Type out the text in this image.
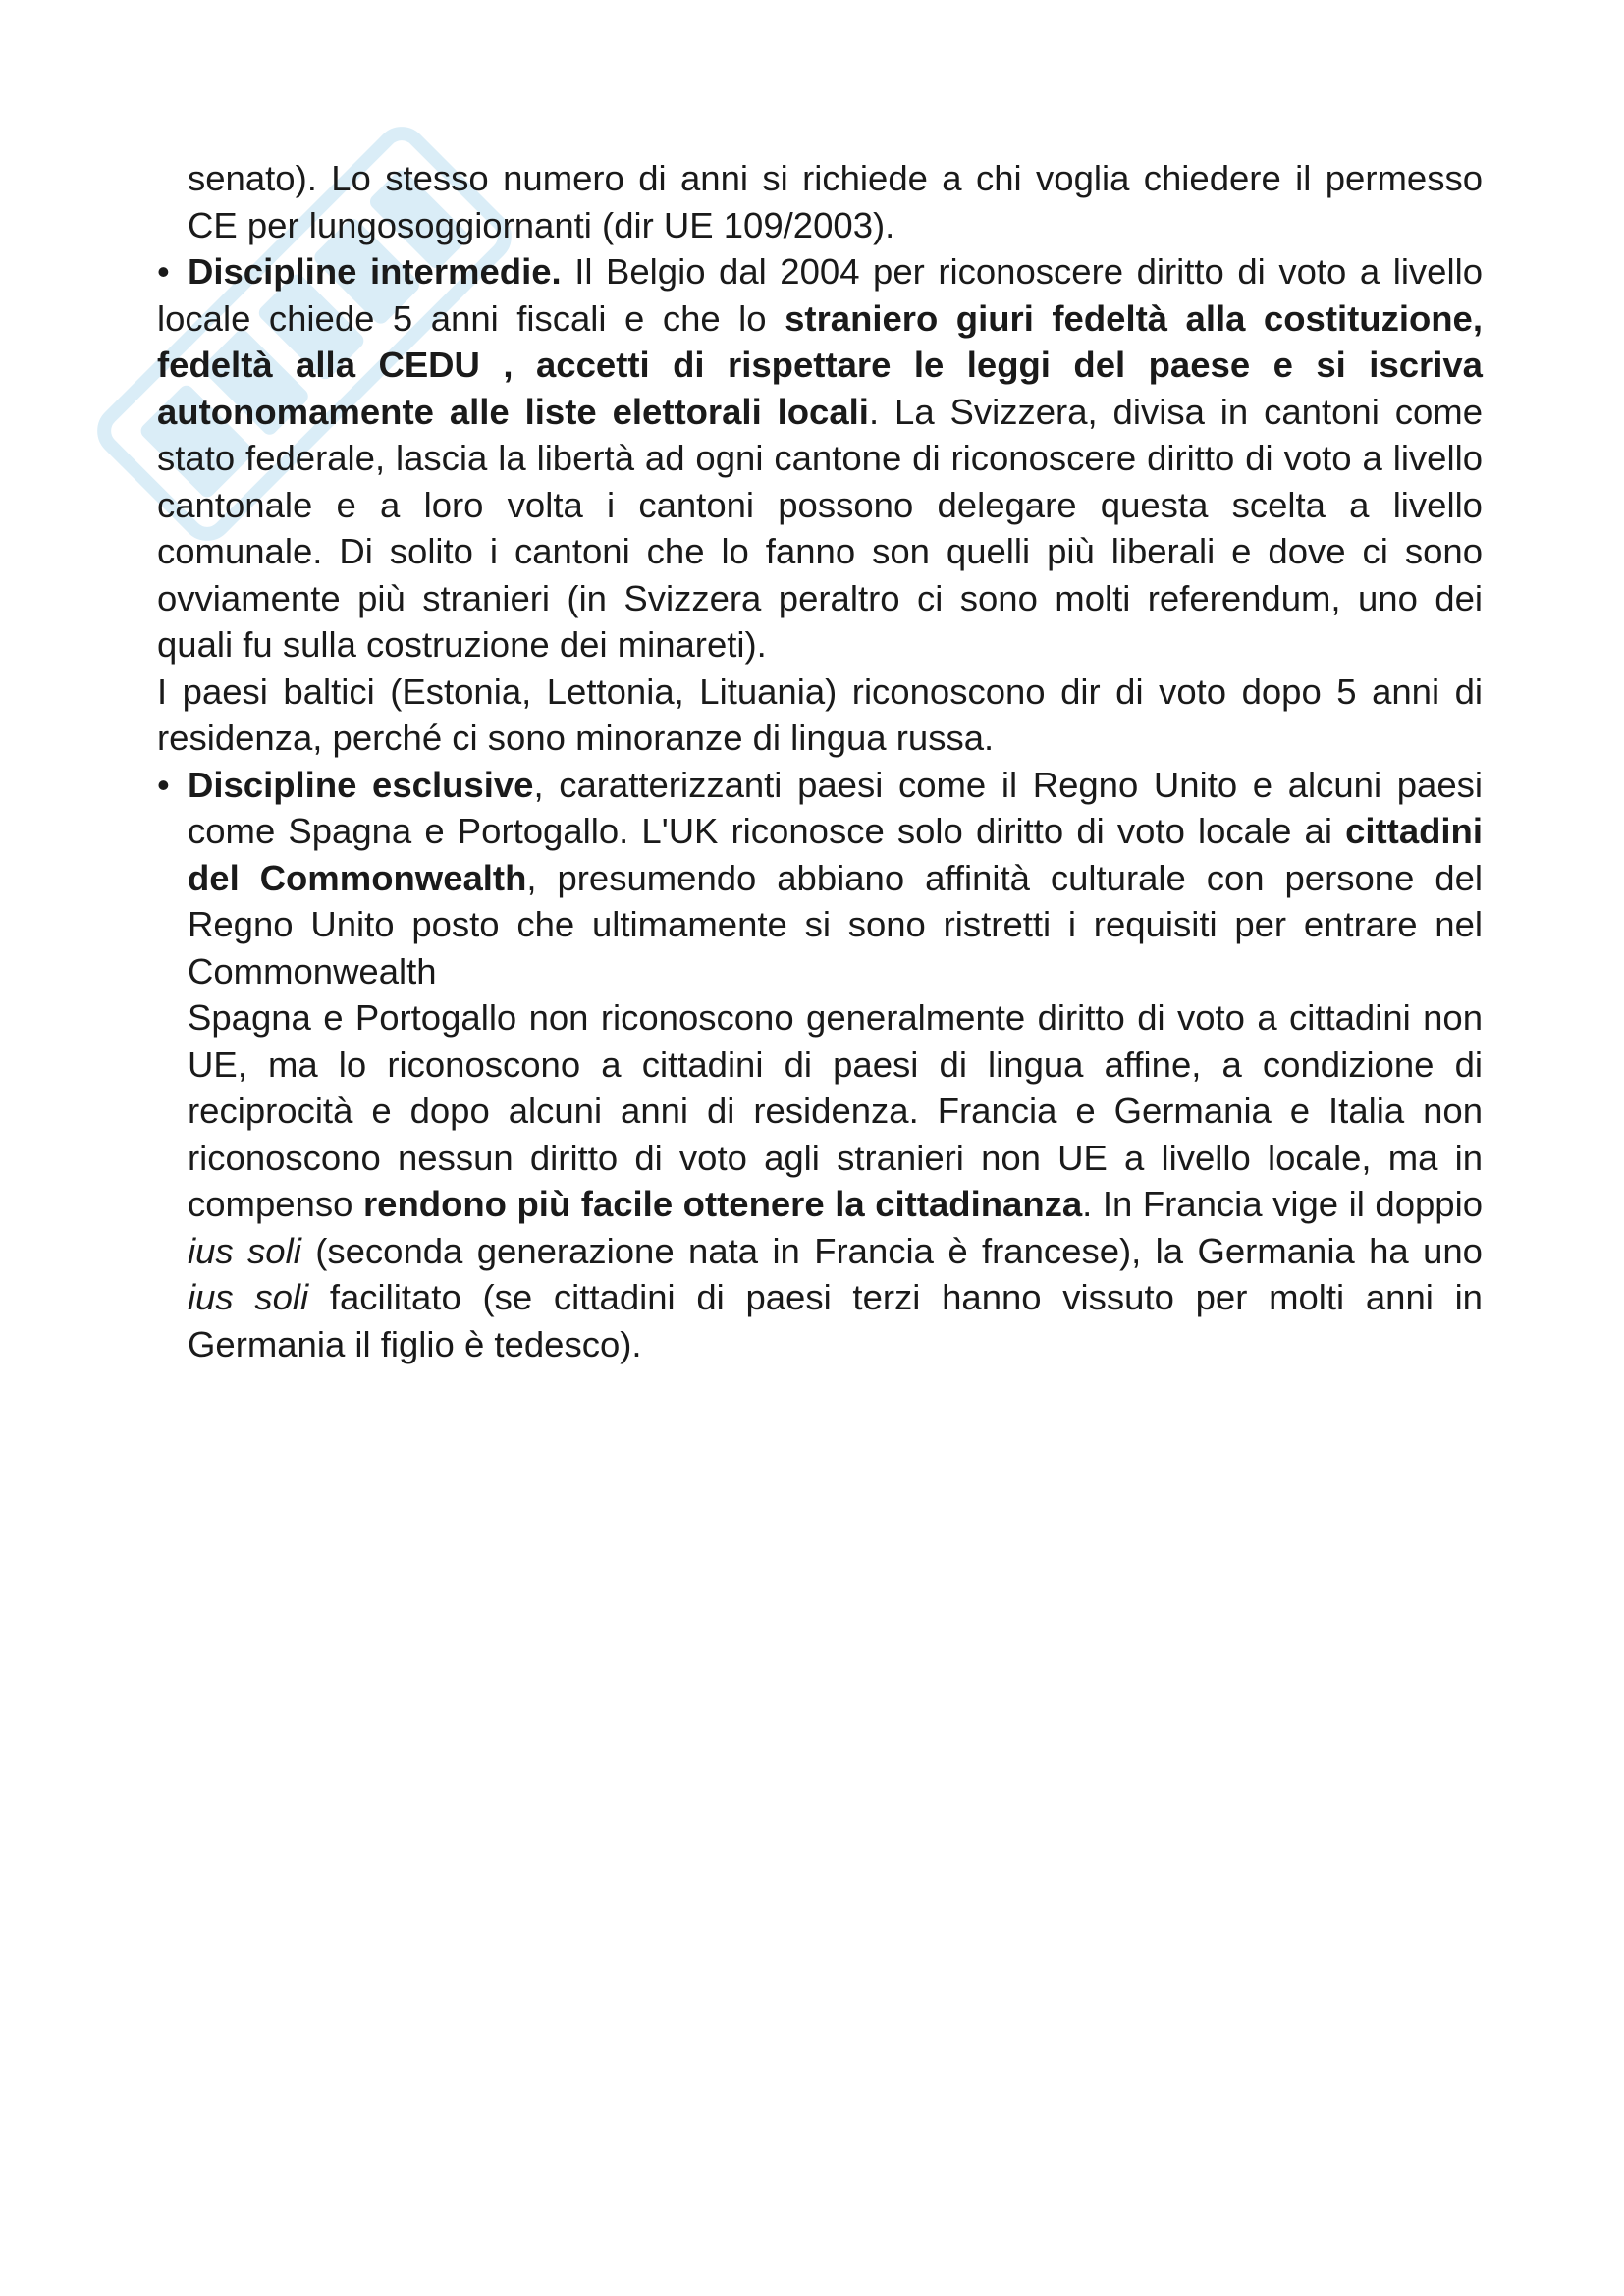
senato). Lo stesso numero di anni si richiede a chi voglia chiedere il permesso CE per lungosoggiornanti (dir UE 109/2003).

• Discipline intermedie. Il Belgio dal 2004 per riconoscere diritto di voto a livello locale chiede 5 anni fiscali e che lo straniero giuri fedeltà alla costituzione, fedeltà alla CEDU , accetti di rispettare le leggi del paese e si iscriva autonomamente alle liste elettorali locali. La Svizzera, divisa in cantoni come stato federale, lascia la libertà ad ogni cantone di riconoscere diritto di voto a livello cantonale e a loro volta i cantoni possono delegare questa scelta a livello comunale. Di solito i cantoni che lo fanno son quelli più liberali e dove ci sono ovviamente più stranieri (in Svizzera peraltro ci sono molti referendum, uno dei quali fu sulla costruzione dei minareti).

I paesi baltici (Estonia, Lettonia, Lituania) riconoscono dir di voto dopo 5 anni di residenza, perché ci sono minoranze di lingua russa.

• Discipline esclusive, caratterizzanti paesi come il Regno Unito e alcuni paesi come Spagna e Portogallo. L'UK riconosce solo diritto di voto locale ai cittadini del Commonwealth, presumendo abbiano affinità culturale con persone del Regno Unito posto che ultimamente si sono ristretti i requisiti per entrare nel Commonwealth

Spagna e Portogallo non riconoscono generalmente diritto di voto a cittadini non UE, ma lo riconoscono a cittadini di paesi di lingua affine, a condizione di reciprocità e dopo alcuni anni di residenza. Francia e Germania e Italia non riconoscono nessun diritto di voto agli stranieri non UE a livello locale, ma in compenso rendono più facile ottenere la cittadinanza. In Francia vige il doppio ius soli (seconda generazione nata in Francia è francese), la Germania ha uno ius soli facilitato (se cittadini di paesi terzi hanno vissuto per molti anni in Germania il figlio è tedesco).
